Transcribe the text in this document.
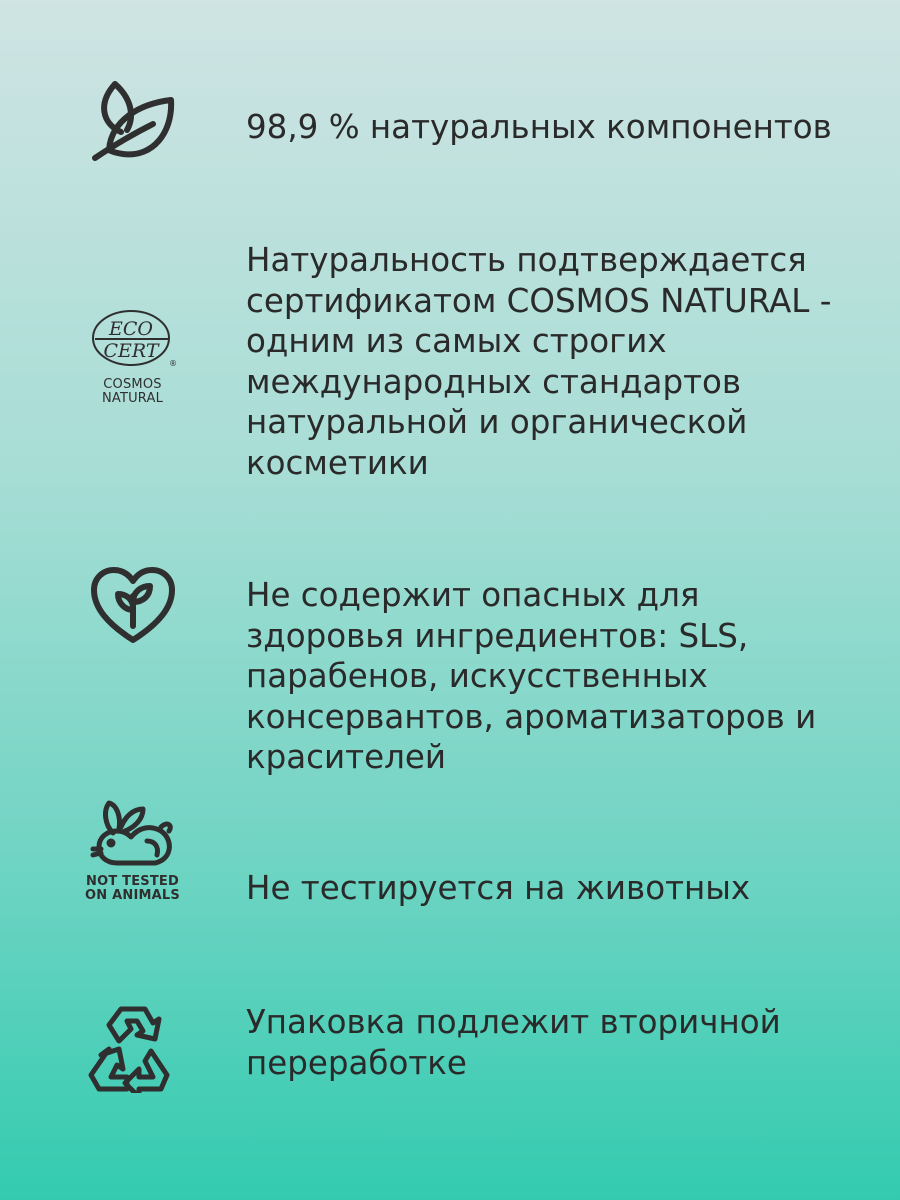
98,9 % натуральных компонентов
ECO
CERT
®
COSMOS
NATURAL
Натуральность подтверждается сертификатом COSMOS NATURAL - одним из самых строгих международных стандартов натуральной и органической косметики
Не содержит опасных для здоровья ингредиентов: SLS, парабенов, искусственных консервантов, ароматизаторов и красителей
NOT TESTED
ON ANIMALS Не тестируется на животных
Упаковка подлежит вторичной переработке
